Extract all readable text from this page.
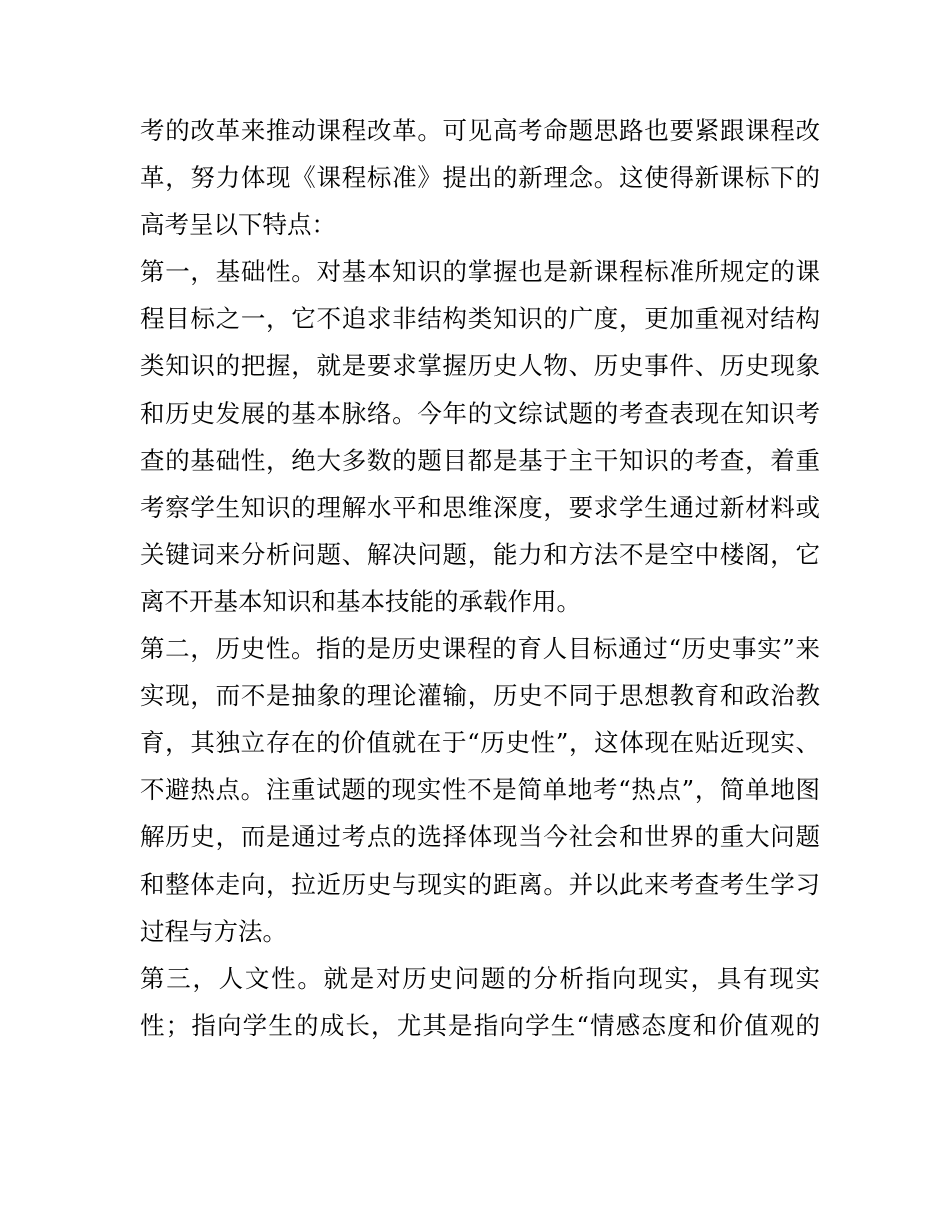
考的改革来推动课程改革。可见高考命题思路也要紧跟课程改

革，努力体现《课程标准》提出的新理念。这使得新课标下的

高考呈以下特点：

第一，基础性。对基本知识的掌握也是新课程标准所规定的课

程目标之一，它不追求非结构类知识的广度，更加重视对结构

类知识的把握，就是要求掌握历史人物、历史事件、历史现象

和历史发展的基本脉络。今年的文综试题的考查表现在知识考

查的基础性，绝大多数的题目都是基于主干知识的考查，着重

考察学生知识的理解水平和思维深度，要求学生通过新材料或

关键词来分析问题、解决问题，能力和方法不是空中楼阁，它

离不开基本知识和基本技能的承载作用。

第二，历史性。指的是历史课程的育人目标通过“历史事实”来

实现，而不是抽象的理论灌输，历史不同于思想教育和政治教

育，其独立存在的价值就在于“历史性”，这体现在贴近现实、

不避热点。注重试题的现实性不是简单地考“热点”，简单地图

解历史，而是通过考点的选择体现当今社会和世界的重大问题

和整体走向，拉近历史与现实的距离。并以此来考查考生学习

过程与方法。

第三，人文性。就是对历史问题的分析指向现实，具有现实

性；指向学生的成长，尤其是指向学生“情感态度和价值观的
